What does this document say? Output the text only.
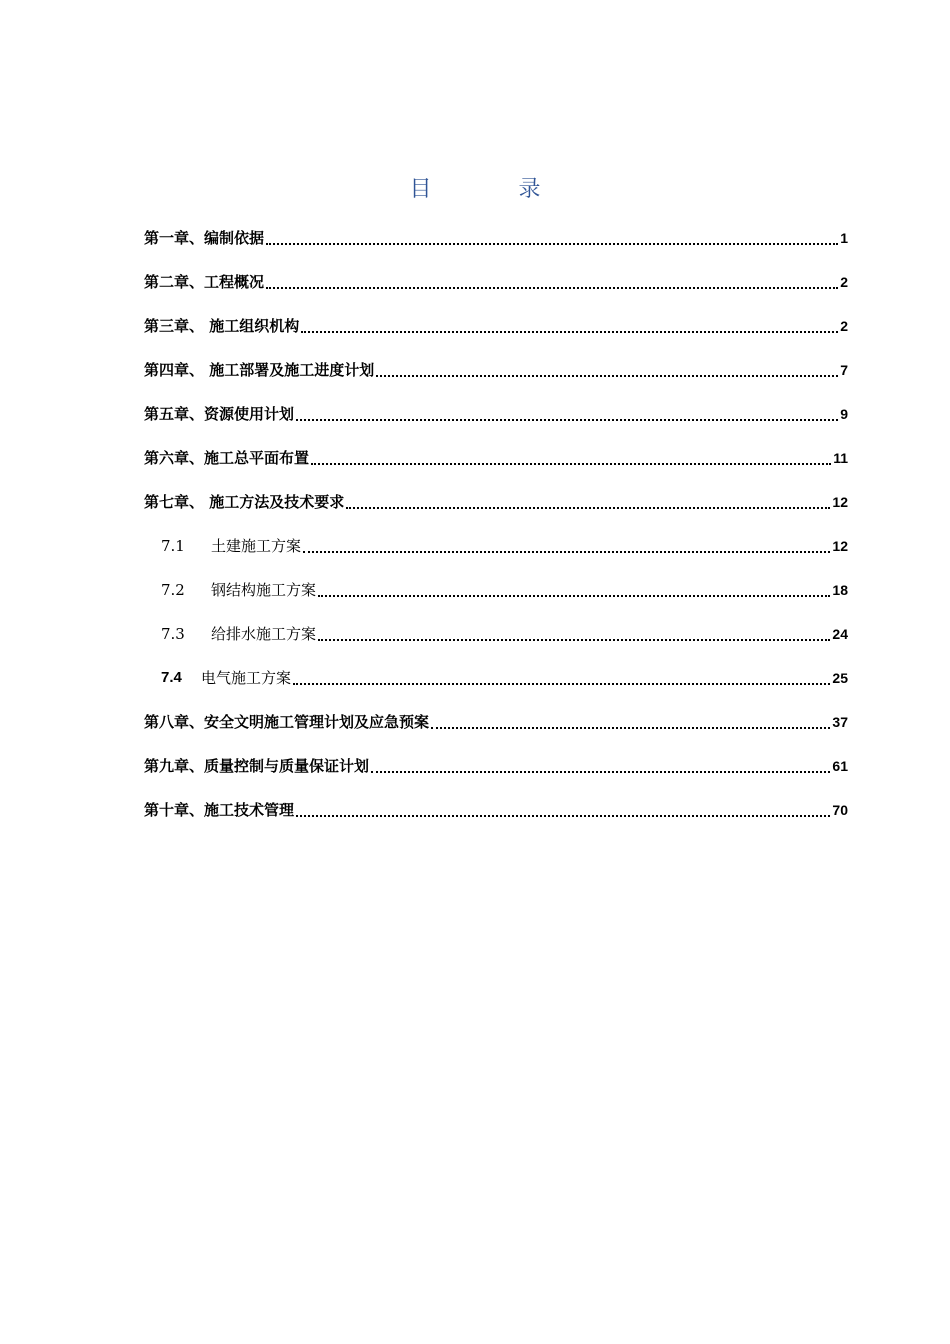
目 录
第一章、编制依据	1
第二章、工程概况	2
第三章、 施工组织机构	2
第四章、 施工部署及施工进度计划	7
第五章、资源使用计划	9
第六章、施工总平面布置	11
第七章、 施工方法及技术要求	12
7.1	土建施工方案	12
7.2	钢结构施工方案	18
7.3	给排水施工方案	24
7.4	电气施工方案	25
第八章、安全文明施工管理计划及应急预案	37
第九章、质量控制与质量保证计划	61
第十章、施工技术管理	70
